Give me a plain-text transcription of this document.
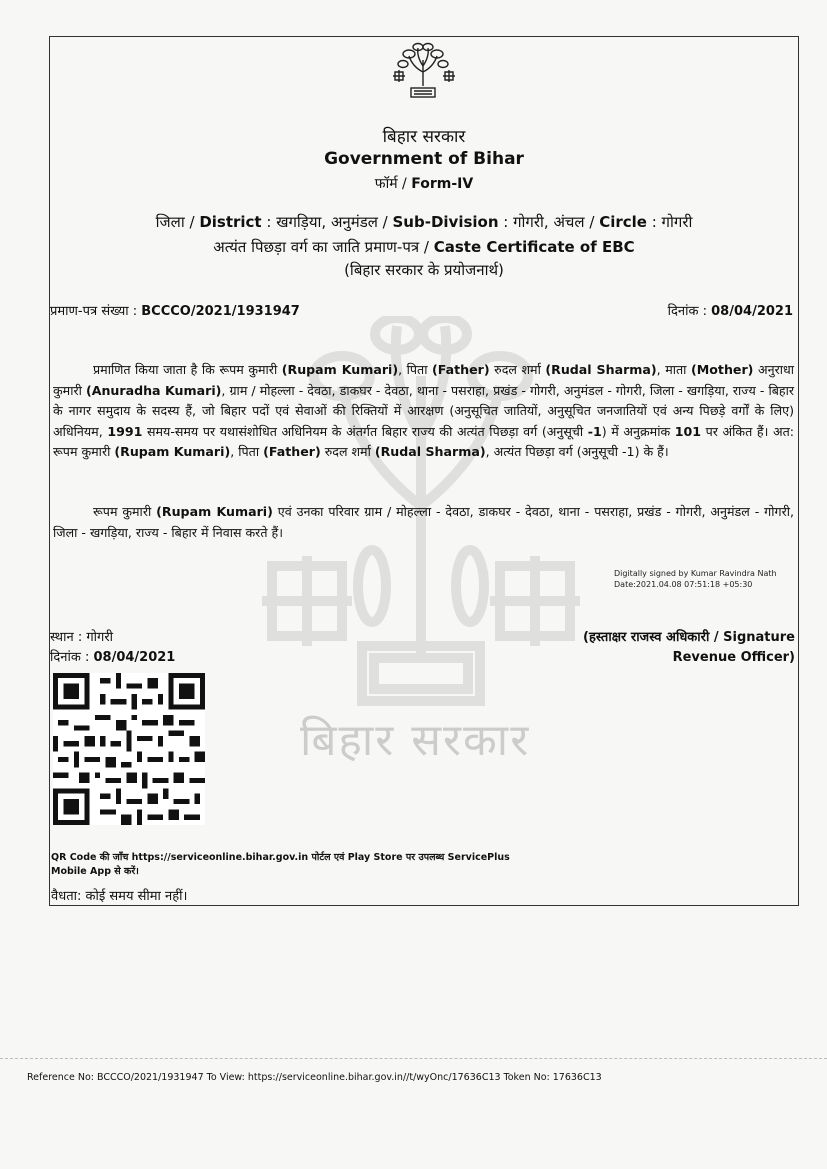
बिहार सरकार
बिहार सरकार
Government of Bihar
फॉर्म / Form-IV
जिला / District : खगड़िया, अनुमंडल / Sub-Division : गोगरी, अंचल / Circle : गोगरी
अत्यंत पिछड़ा वर्ग का जाति प्रमाण-पत्र / Caste Certificate of EBC
(बिहार सरकार के प्रयोजनार्थ)
प्रमाण-पत्र संख्या : BCCCO/2021/1931947	दिनांक : 08/04/2021
प्रमाणित किया जाता है कि रूपम कुमारी (Rupam Kumari), पिता (Father) रुदल शर्मा (Rudal Sharma), माता (Mother) अनुराधा कुमारी (Anuradha Kumari), ग्राम / मोहल्ला - देवठा, डाकघर - देवठा, थाना - पसराहा, प्रखंड - गोगरी, अनुमंडल - गोगरी, जिला - खगड़िया, राज्य - बिहार के नागर समुदाय के सदस्य हैं, जो बिहार पदों एवं सेवाओं की रिक्तियों में आरक्षण (अनुसूचित जातियों, अनुसूचित जनजातियों एवं अन्य पिछड़े वर्गों के लिए) अधिनियम, 1991 समय-समय पर यथासंशोधित अधिनियम के अंतर्गत बिहार राज्य की अत्यंत पिछड़ा वर्ग (अनुसूची -1) में अनुक्रमांक 101 पर अंकित हैं। अत: रूपम कुमारी (Rupam Kumari), पिता (Father) रुदल शर्मा (Rudal Sharma), अत्यंत पिछड़ा वर्ग (अनुसूची -1) के हैं।
रूपम कुमारी (Rupam Kumari) एवं उनका परिवार ग्राम / मोहल्ला - देवठा, डाकघर - देवठा, थाना - पसराहा, प्रखंड - गोगरी, अनुमंडल - गोगरी, जिला - खगड़िया, राज्य - बिहार में निवास करते हैं।
Digitally signed by Kumar Ravindra Nath
Date:2021.04.08 07:51:18 +05:30
स्थान : गोगरी
दिनांक : 08/04/2021
(हस्ताक्षर राजस्व अधिकारी / Signature
Revenue Officer)
QR Code की जाँच https://serviceonline.bihar.gov.in पोर्टल एवं Play Store पर उपलब्ध ServicePlus
Mobile App से करें।
वैधता: कोई समय सीमा नहीं।
Reference No: BCCCO/2021/1931947 To View: https://serviceonline.bihar.gov.in//t/wyOnc/17636C13 Token No: 17636C13
